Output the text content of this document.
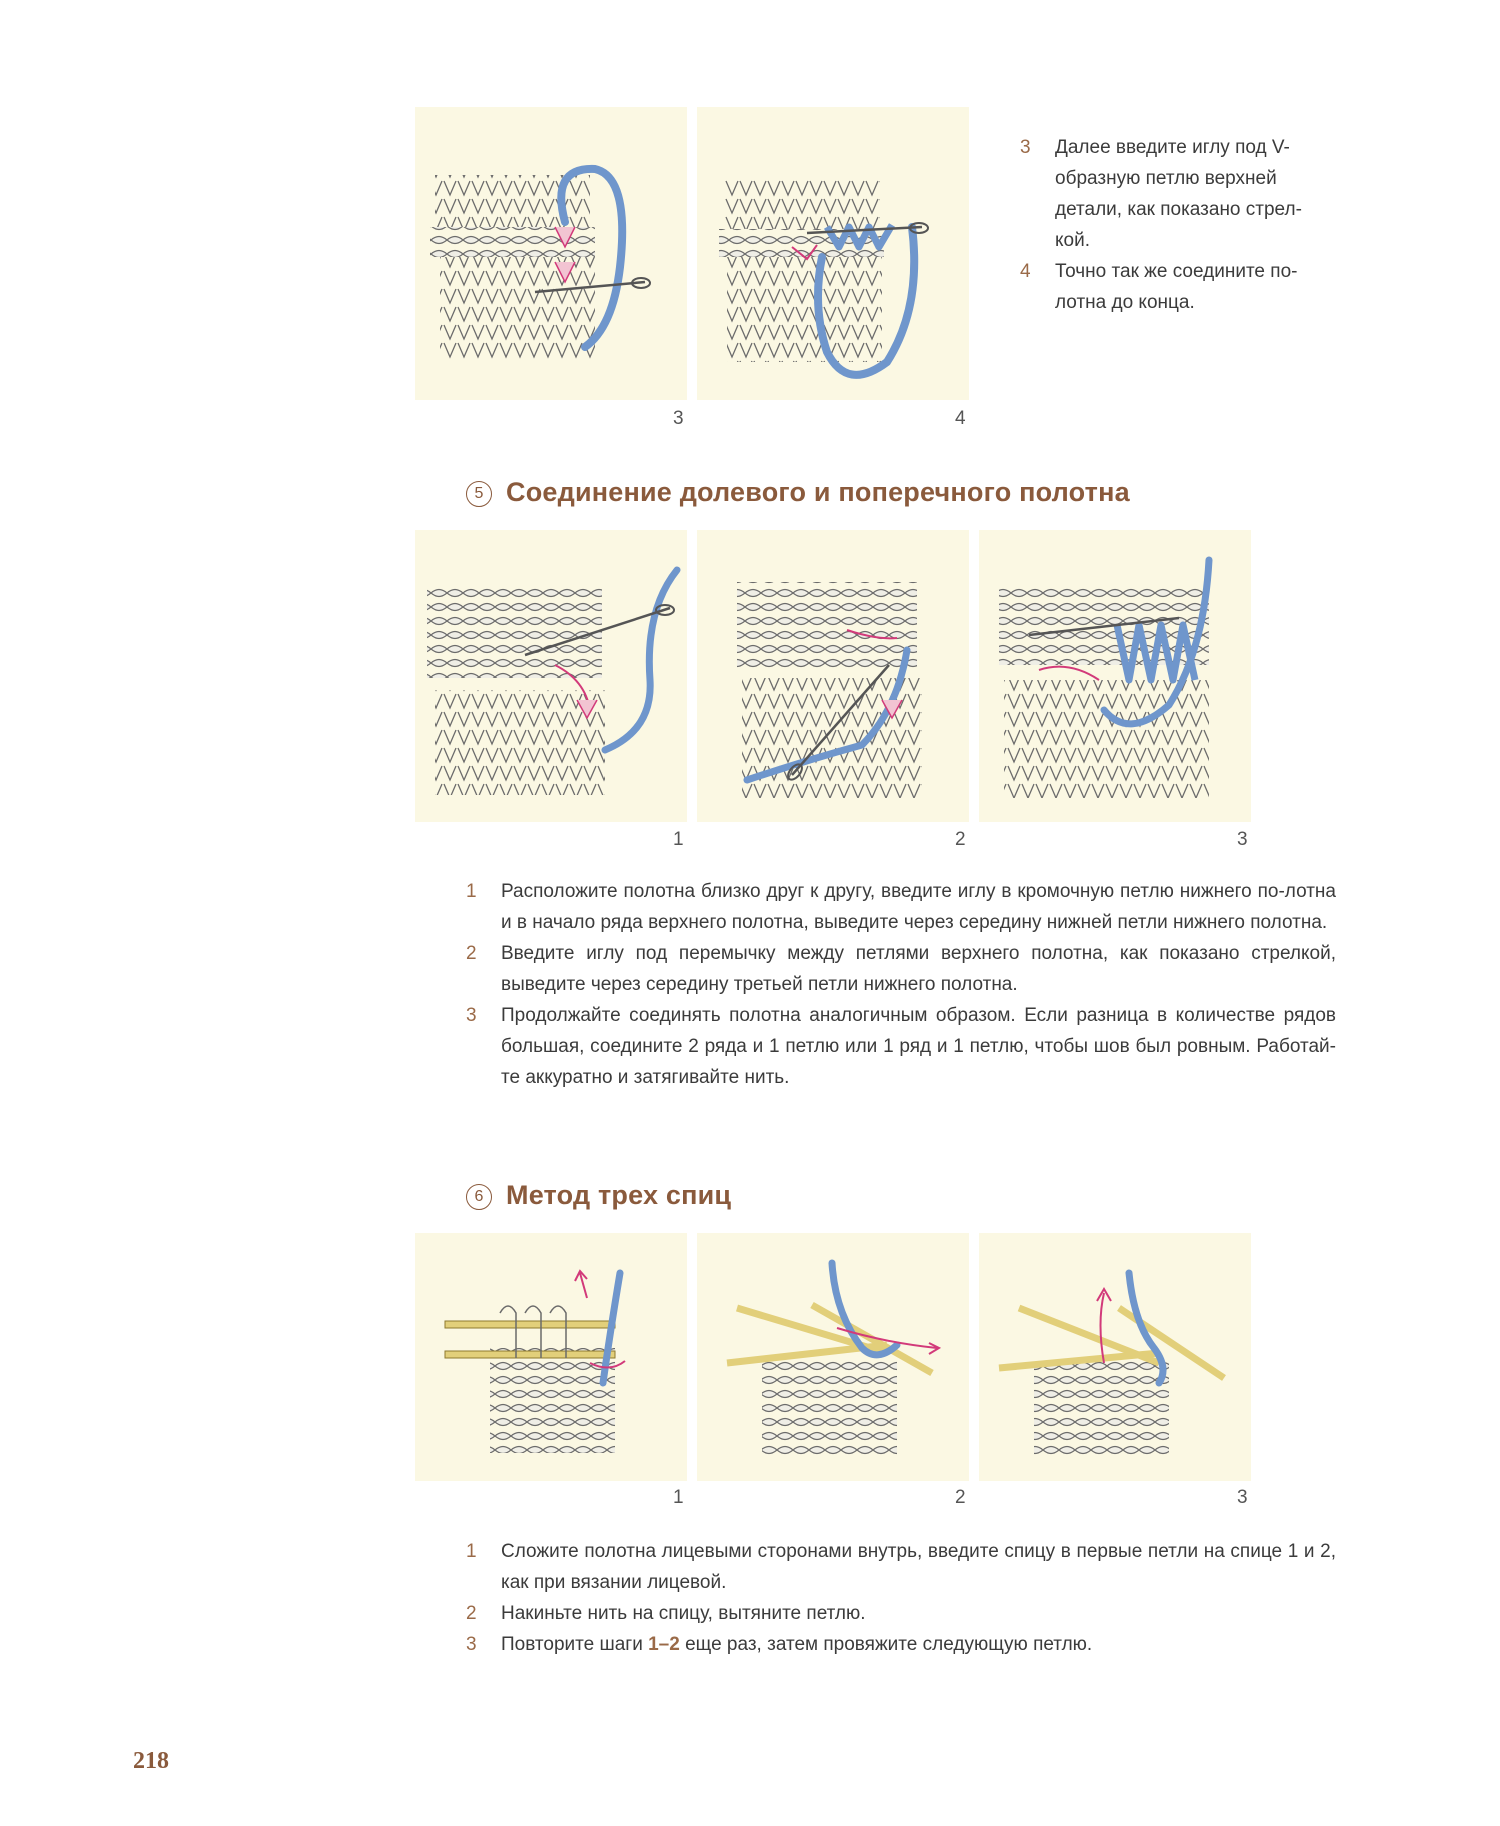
3	4
3 Далее введите иглу под V-образную петлю верхней детали, как показано стрел-кой.
4 Точно так же соедините по-лотна до конца.
5 Соединение долевого и поперечного полотна
1	2	3
1 Расположите полотна близко друг к другу, введите иглу в кромочную петлю нижнего по-лотна и в начало ряда верхнего полотна, выведите через середину нижней петли нижнего полотна.
2 Введите иглу под перемычку между петлями верхнего полотна, как показано стрелкой, выведите через середину третьей петли нижнего полотна.
3 Продолжайте соединять полотна аналогичным образом. Если разница в количестве рядов большая, соедините 2 ряда и 1 петлю или 1 ряд и 1 петлю, чтобы шов был ровным. Работай-те аккуратно и затягивайте нить.
6 Метод трех спиц
1	2	3
1 Сложите полотна лицевыми сторонами внутрь, введите спицу в первые петли на спице 1 и 2, как при вязании лицевой.
2 Накиньте нить на спицу, вытяните петлю.
3 Повторите шаги 1–2 еще раз, затем провяжите следующую петлю.
218
